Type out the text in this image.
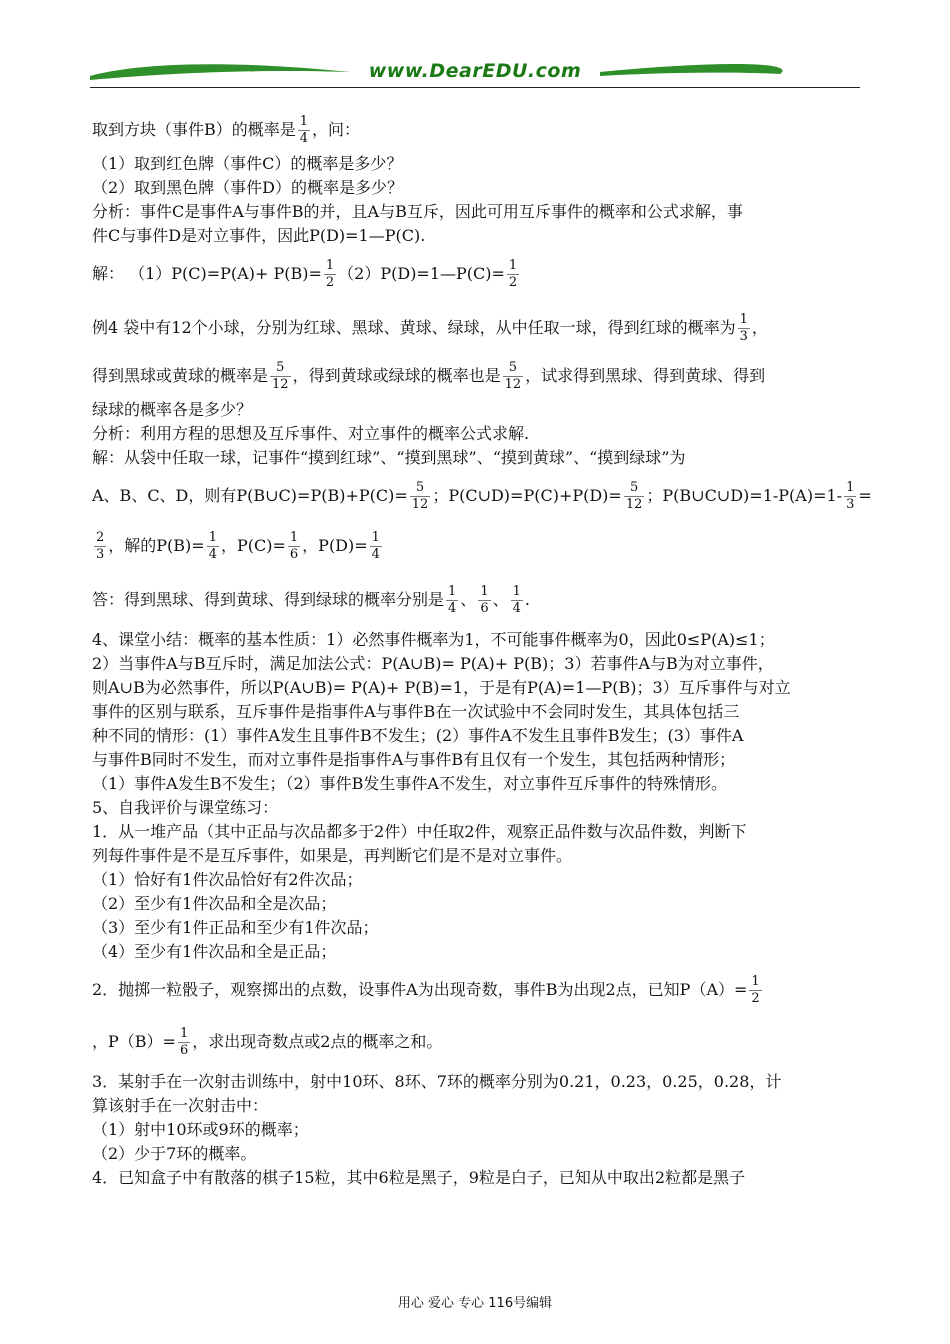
www.DearEDU.com
取到方块（事件B）的概率是 $\frac{1}{4}$ ，问：
（1）取到红色牌（事件C）的概率是多少？
（2）取到黑色牌（事件D）的概率是多少？
分析：事件C是事件A与事件B的并，且A与B互斥，因此可用互斥事件的概率和公式求解，事
件C与事件D是对立事件，因此P(D)=1—P(C).
解： $(1)P(C)=P(A)+ P(B)= \frac{1}{2}$ （2）P(D)=1—P(C)= $\frac{1}{2}$
例4 袋中有12个小球，分别为红球、黑球、黄球、绿球，从中任取一球，得到红球的概率为 $\frac{1}{3}$ ，
得到黑球或黄球的概率是 $\frac{5}{12}$ ，得到黄球或绿球的概率也是 $\frac{5}{12}$ ，试求得到黑球、得到黄球、得到
绿球的概率各是多少？
分析：利用方程的思想及互斥事件、对立事件的概率公式求解.
解：从袋中任取一球，记事件“摸到红球”、“摸到黑球”、“摸到黄球”、“摸到绿球”为
A、B、C、D，则有P(B∪C)=P(B)+P(C)= $\frac{5}{12}$ ；P(C∪D)=P(C)+P(D)= $\frac{5}{12}$ ；P(B∪C∪D)=1-P(A)=1- $\frac{1}{3}$ =
$\frac{2}{3}$ ，解的$P(B)= \frac{1}{4}$ ，$P(C)= \frac{1}{6}$ ，$P(D)= \frac{1}{4}$
答：得到黑球、得到黄球、得到绿球的概率分别是 $\frac{1}{4}$ 、 $\frac{1}{6}$ 、 $\frac{1}{4}$ .
4、课堂小结：概率的基本性质：1）必然事件概率为1，不可能事件概率为0，因此0≤P(A)≤1；
2）当事件A与B互斥时，满足加法公式：P(A∪B)= P(A)+ P(B)；3）若事件A与B为对立事件，
则A∪B为必然事件，所以P(A∪B)= P(A)+ P(B)=1，于是有P(A)=1—P(B)；3）互斥事件与对立
事件的区别与联系，互斥事件是指事件A与事件B在一次试验中不会同时发生，其具体包括三
种不同的情形：(1）事件A发生且事件B不发生；(2）事件A不发生且事件B发生；(3）事件A
与事件B同时不发生，而对立事件是指事件A与事件B有且仅有一个发生，其包括两种情形；
（1）事件A发生B不发生；（2）事件B发生事件A不发生，对立事件互斥事件的特殊情形。
5、自我评价与课堂练习：
1．从一堆产品（其中正品与次品都多于2件）中任取2件，观察正品件数与次品件数，判断下
列每件事件是不是互斥事件，如果是，再判断它们是不是对立事件。
（1）恰好有1件次品恰好有2件次品；
（2）至少有1件次品和全是次品；
（3）至少有1件正品和至少有1件次品；
（4）至少有1件次品和全是正品；
2．抛掷一粒骰子，观察掷出的点数，设事件A为出现奇数，事件B为出现2点，已知$P(A)= \frac{1}{2}$
，$P(B)= \frac{1}{6}$ ，求出现奇数点或2点的概率之和。
3．某射手在一次射击训练中，射中10环、8环、7环的概率分别为0.21，0.23，0.25，0.28，计
算该射手在一次射击中：
（1）射中10环或9环的概率；
（2）少于7环的概率。
4．已知盒子中有散落的棋子15粒，其中6粒是黑子，9粒是白子，已知从中取出2粒都是黑子
用心 爱心 专心 116号编辑
